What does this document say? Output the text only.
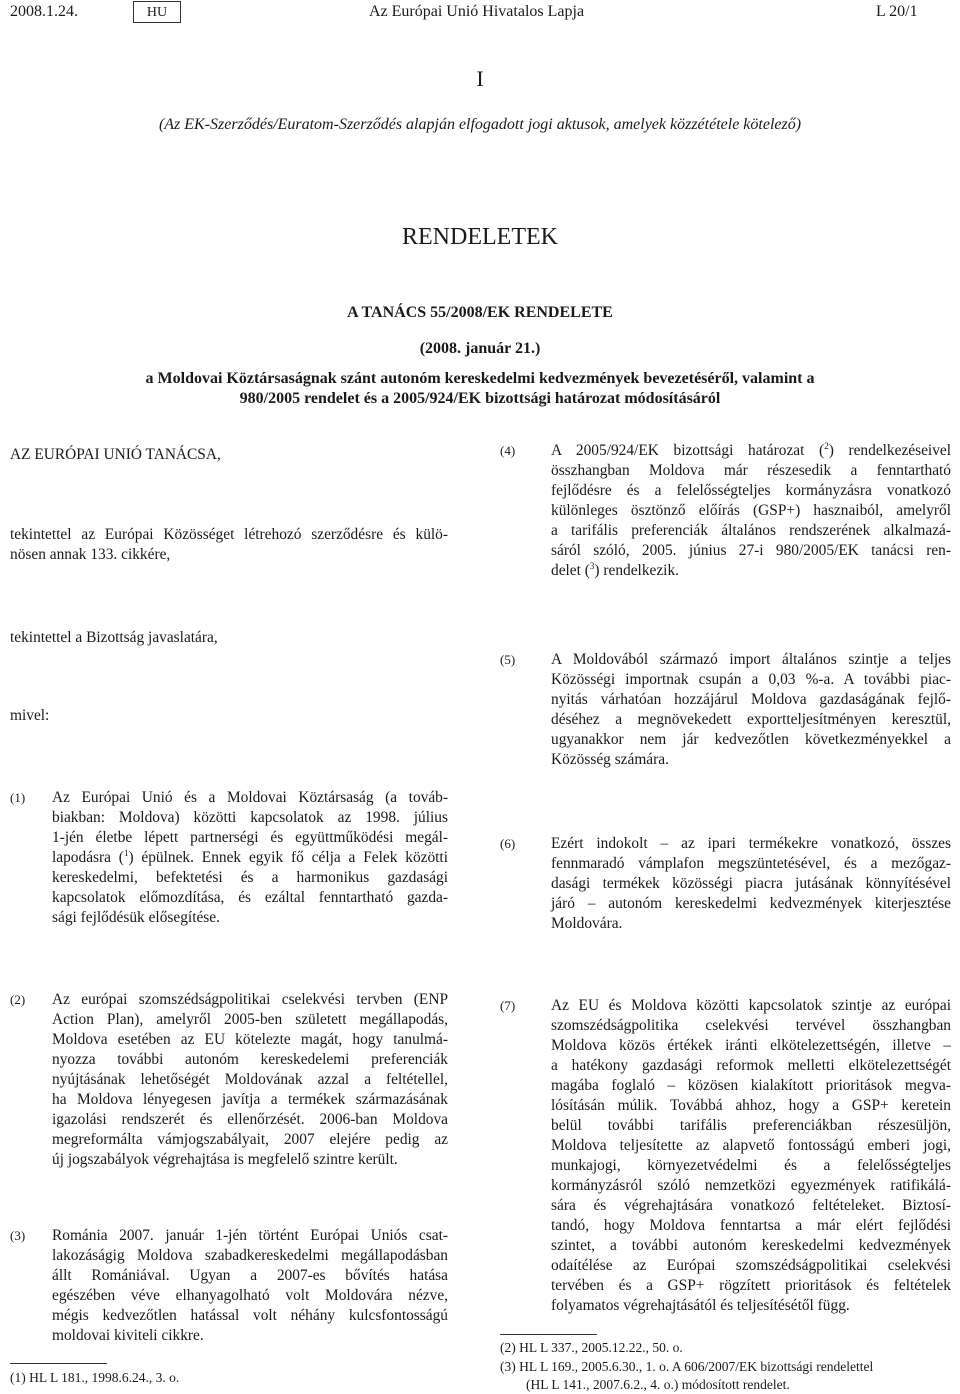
2008.1.24.	HU	Az Európai Unió Hivatalos Lapja	L 20/1
I
(Az EK-Szerződés/Euratom-Szerződés alapján elfogadott jogi aktusok, amelyek közzététele kötelező)
RENDELETEK
A TANÁCS 55/2008/EK RENDELETE
(2008. január 21.)
a Moldovai Köztársaságnak szánt autonóm kereskedelmi kedvezmények bevezetéséről, valamint a
980/2005 rendelet és a 2005/924/EK bizottsági határozat módosításáról
AZ EURÓPAI UNIÓ TANÁCSA,
tekintettel az Európai Közösséget létrehozó szerződésre és külö-
nösen annak 133. cikkére,
tekintettel a Bizottság javaslatára,
mivel:
(1) Az Európai Unió és a Moldovai Köztársaság (a továb-
biakban: Moldova) közötti kapcsolatok az 1998. július
1-jén életbe lépett partnerségi és együttműködési megál-
lapodásra ($^1$) épülnek. Ennek egyik fő célja a Felek közötti
kereskedelmi, befektetési és a harmonikus gazdasági
kapcsolatok előmozdítása, és ezáltal fenntartható gazda-
sági fejlődésük elősegítése.
(2) Az európai szomszédságpolitikai cselekvési tervben (ENP
Action Plan), amelyről 2005-ben született megállapodás,
Moldova esetében az EU kötelezte magát, hogy tanulmá-
nyozza további autonóm kereskedelemi preferenciák
nyújtásának lehetőségét Moldovának azzal a feltétellel,
ha Moldova lényegesen javítja a termékek származásának
igazolási rendszerét és ellenőrzését. 2006-ban Moldova
megreformálta vámjogszabályait, 2007 elejére pedig az
új jogszabályok végrehajtása is megfelelő szintre került.
(3) Románia 2007. január 1-jén történt Európai Uniós csat-
lakozáságig Moldova szabadkereskedelmi megállapodásban
állt Romániával. Ugyan a 2007-es bővítés hatása
egészében véve elhanyagolható volt Moldovára nézve,
mégis kedvezőtlen hatással volt néhány kulcsfontosságú
moldovai kiviteli cikkre.
(1) HL L 181., 1998.6.24., 3. o.
(4) A 2005/924/EK bizottsági határozat ($^2$) rendelkezéseivel
összhangban Moldova már részesedik a fenntartható
fejlődésre és a felelősségteljes kormányzásra vonatkozó
különleges ösztönző előírás (GSP+) hasznaiból, amelyről
a tarifális preferenciák általános rendszerének alkalmazá-
sáról szóló, 2005. június 27-i 980/2005/EK tanácsi ren-
delet ($^3$) rendelkezik.
(5) A Moldovából származó import általános szintje a teljes
Közösségi importnak csupán a 0,03 %-a. A további piac-
nyitás várhatóan hozzájárul Moldova gazdaságának fejlő-
déséhez a megnövekedett exportteljesítményen keresztül,
ugyanakkor nem jár kedvezőtlen következményekkel a
Közösség számára.
(6) Ezért indokolt – az ipari termékekre vonatkozó, összes
fennmaradó vámplafon megszüntetésével, és a mezőgaz-
dasági termékek közösségi piacra jutásának könnyítésével
járó – autonóm kereskedelmi kedvezmények kiterjesztése
Moldovára.
(7) Az EU és Moldova közötti kapcsolatok szintje az európai
szomszédságpolitika cselekvési tervével összhangban
Moldova közös értékek iránti elkötelezettségén, illetve –
a hatékony gazdasági reformok melletti elkötelezettségét
magába foglaló – közösen kialakított prioritások megva-
lósításán múlik. Továbbá ahhoz, hogy a GSP+ keretein
belül további tarifális preferenciákban részesüljön,
Moldova teljesítette az alapvető fontosságú emberi jogi,
munkajogi, környezetvédelmi és a felelősségteljes
kormányzásról szóló nemzetközi egyezmények ratifikálá-
sára és végrehajtására vonatkozó feltételeket. Biztosí-
tandó, hogy Moldova fenntartsa a már elért fejlődési
szintet, a további autonóm kereskedelmi kedvezmények
odaítélése az Európai szomszédságpolitikai cselekvési
tervében és a GSP+ rögzített prioritások és feltételek
folyamatos végrehajtásától és teljesítésétől függ.
(2) HL L 337., 2005.12.22., 50. o.
(3) HL L 169., 2005.6.30., 1. o. A 606/2007/EK bizottsági rendelettel
(HL L 141., 2007.6.2., 4. o.) módosított rendelet.
